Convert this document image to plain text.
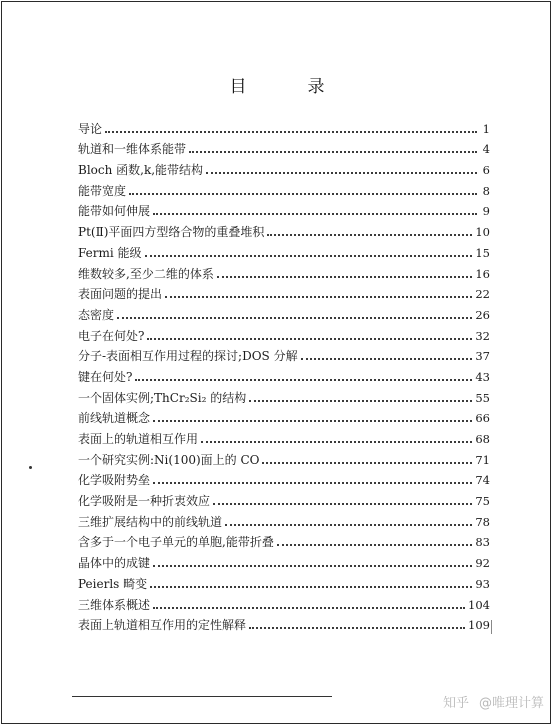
目　录
导论	1
轨道和一维体系能带	4
Bloch 函数,k,能带结构	6
能带宽度	8
能带如何伸展	9
Pt(Ⅱ)平面四方型络合物的重叠堆积	10
Fermi 能级	15
维数较多,至少二维的体系	16
表面问题的提出	22
态密度	26
电子在何处?	32
分子-表面相互作用过程的探讨;DOS 分解	37
键在何处?	43
一个固体实例;ThCr₂Si₂ 的结构	55
前线轨道概念	66
表面上的轨道相互作用	68
一个研究实例:Ni(100)面上的 CO	71
化学吸附势垒	74
化学吸附是一种折衷效应	75
三维扩展结构中的前线轨道	78
含多于一个电子单元的单胞,能带折叠	83
晶体中的成键	92
Peierls 畸变	93
三维体系概述	104
表面上轨道相互作用的定性解释	109
知乎 @唯理计算
